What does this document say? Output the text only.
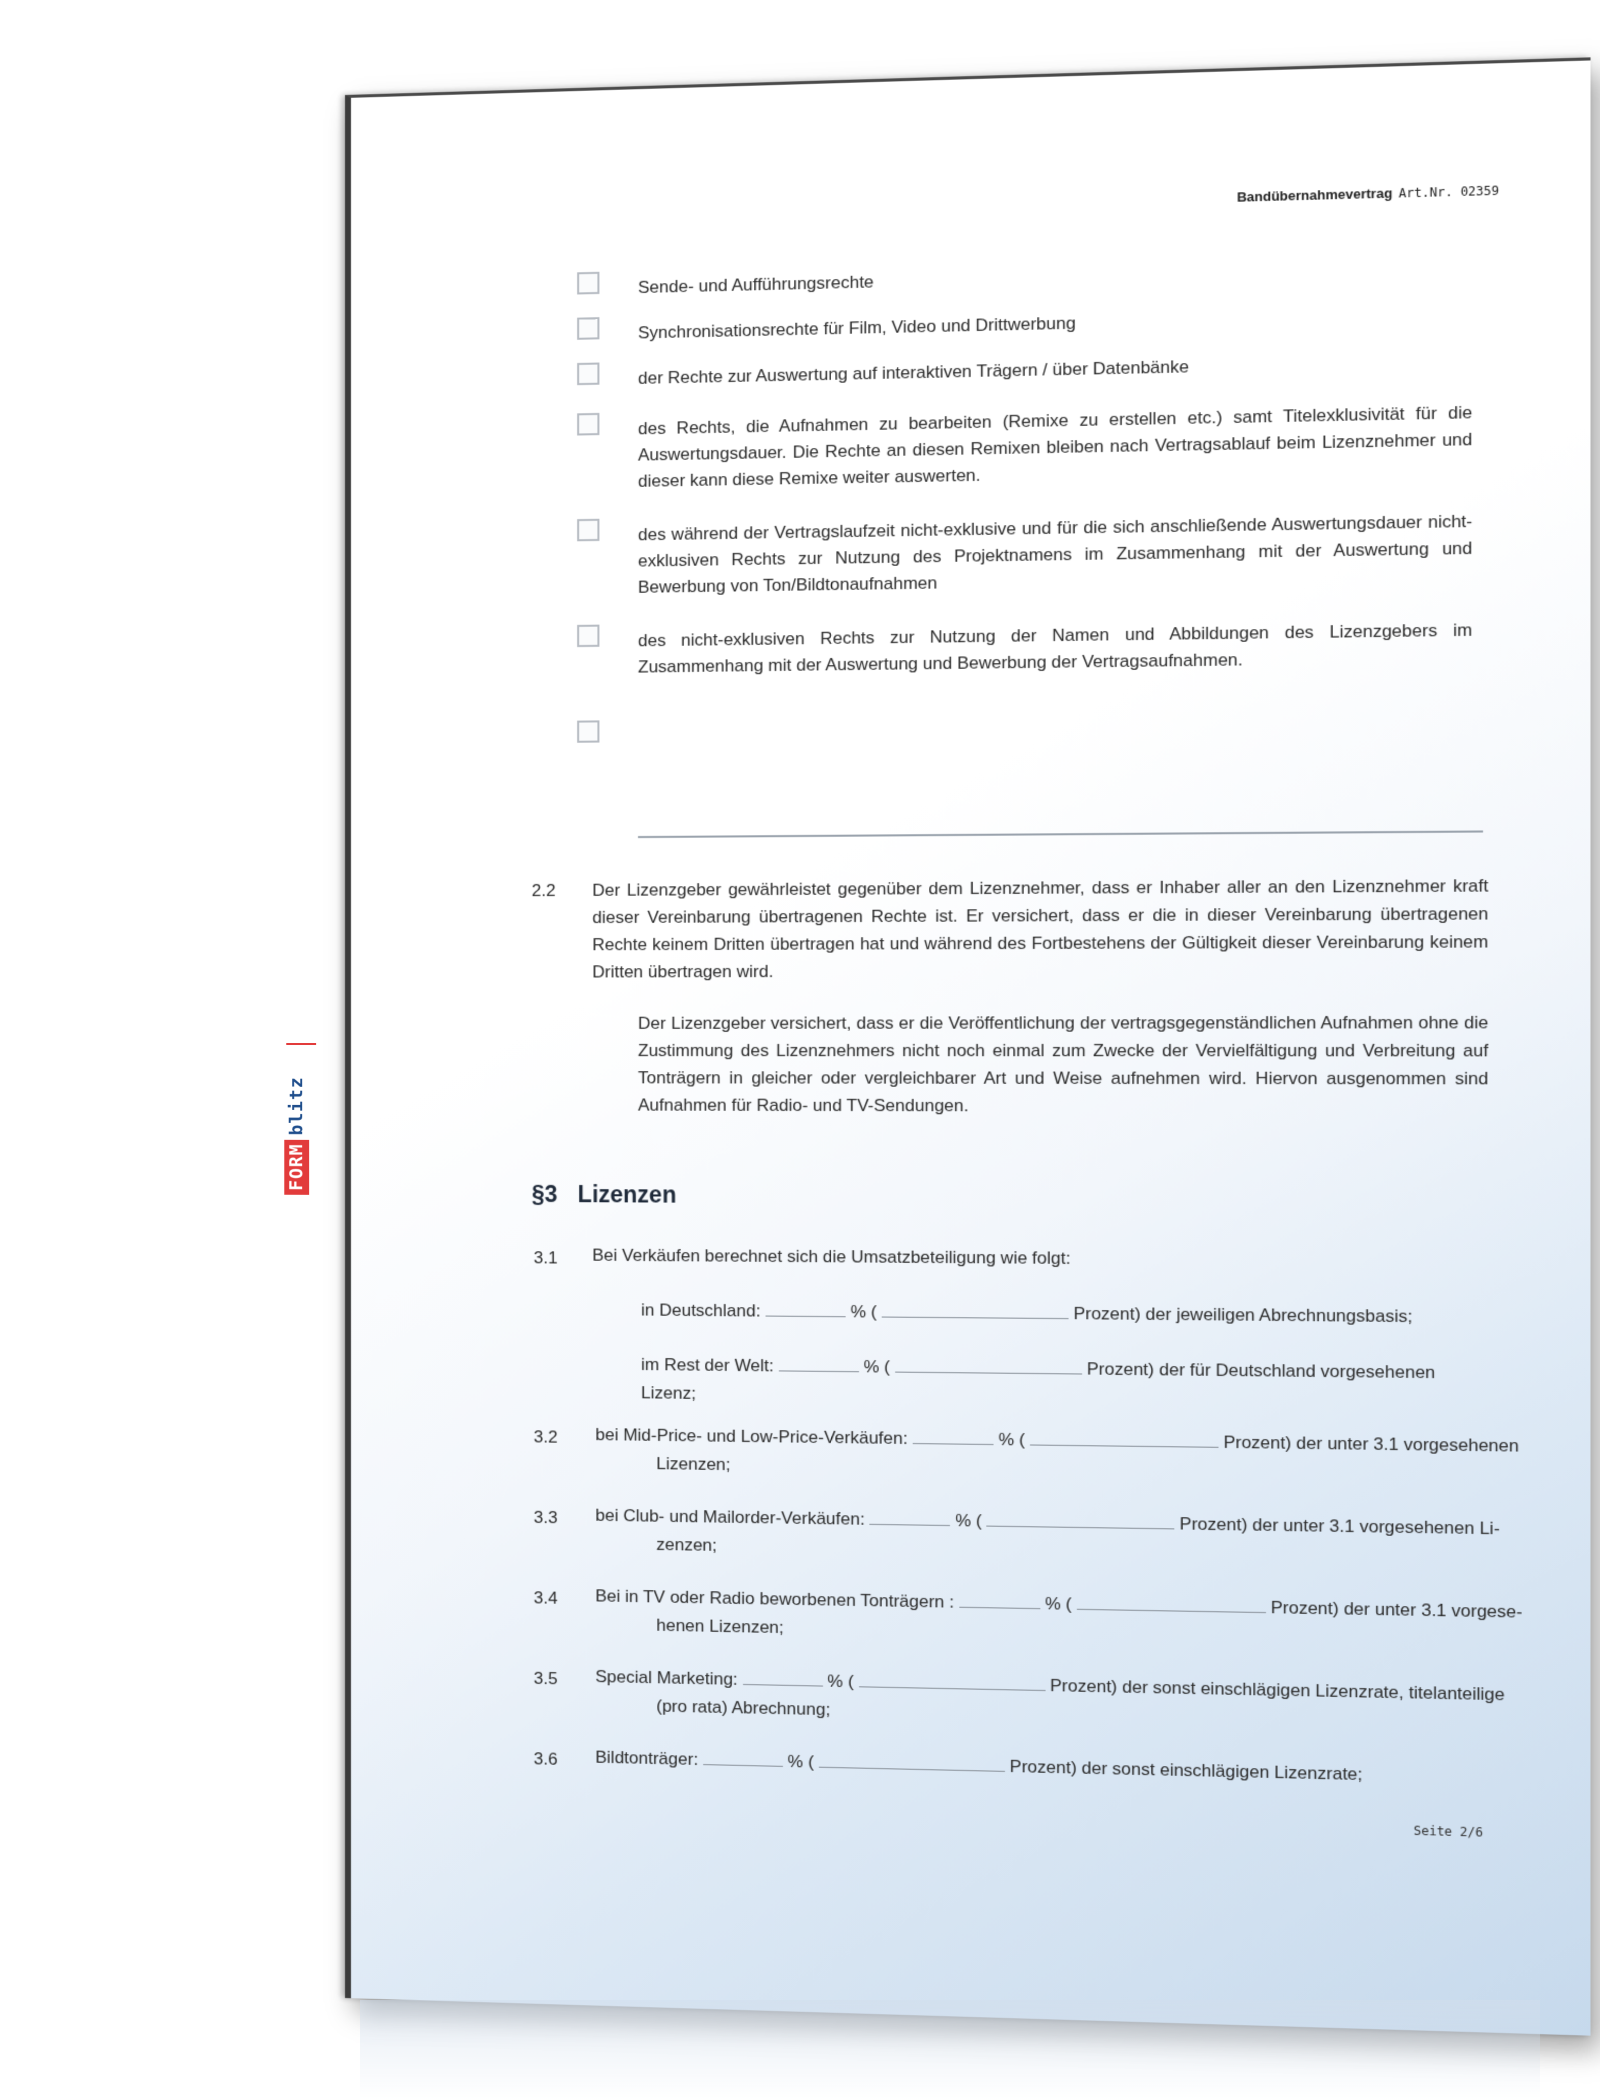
Bandübernahmevertrag Art.Nr. 02359
Sende- und Aufführungsrechte
Synchronisationsrechte für Film, Video und Drittwerbung
der Rechte zur Auswertung auf interaktiven Trägern / über Datenbänke
des Rechts, die Aufnahmen zu bearbeiten (Remixe zu erstellen etc.) samt Titelexklusivität für die Auswertungsdauer. Die Rechte an diesen Remixen bleiben nach Vertragsablauf beim Lizenznehmer und dieser kann diese Remixe weiter auswerten.
des während der Vertragslaufzeit nicht-exklusive und für die sich anschließende Auswertungsdauer nicht-exklusiven Rechts zur Nutzung des Projektnamens im Zusammenhang mit der Auswertung und Bewerbung von Ton/Bildtonaufnahmen
des nicht-exklusiven Rechts zur Nutzung der Namen und Abbildungen des Lizenzgebers im Zusammenhang mit der Auswertung und Bewerbung der Vertragsaufnahmen.
2.2 Der Lizenzgeber gewährleistet gegenüber dem Lizenznehmer, dass er Inhaber aller an den Lizenznehmer kraft dieser Vereinbarung übertragenen Rechte ist. Er versichert, dass er die in dieser Vereinbarung übertragenen Rechte keinem Dritten übertragen hat und während des Fortbestehens der Gültigkeit dieser Vereinbarung keinem Dritten übertragen wird.
Der Lizenzgeber versichert, dass er die Veröffentlichung der vertragsgegenständlichen Aufnahmen ohne die Zustimmung des Lizenznehmers nicht noch einmal zum Zwecke der Vervielfältigung und Verbreitung auf Tonträgern in gleicher oder vergleichbarer Art und Weise aufnehmen wird. Hiervon ausgenommen sind Aufnahmen für Radio- und TV-Sendungen.
§3 Lizenzen
3.1 Bei Verkäufen berechnet sich die Umsatzbeteiligung wie folgt:
in Deutschland:	% (	Prozent) der jeweiligen Abrechnungsbasis;
im Rest der Welt:	% (	Prozent) der für Deutschland vorgesehenen
Lizenz;
3.2 bei Mid-Price- und Low-Price-Verkäufen:	% (	Prozent) der unter 3.1 vorgesehenen
Lizenzen;
3.3 bei Club- und Mailorder-Verkäufen:	% (	Prozent) der unter 3.1 vorgesehenen Li-
zenzen;
3.4 Bei in TV oder Radio beworbenen Tonträgern :	% (	Prozent) der unter 3.1 vorgese-
henen Lizenzen;
3.5 Special Marketing:	% (	Prozent) der sonst einschlägigen Lizenzrate, titelanteilige
(pro rata) Abrechnung;
3.6 Bildtonträger:	% (	Prozent) der sonst einschlägigen Lizenzrate;
Seite 2/6
FORMblitz
